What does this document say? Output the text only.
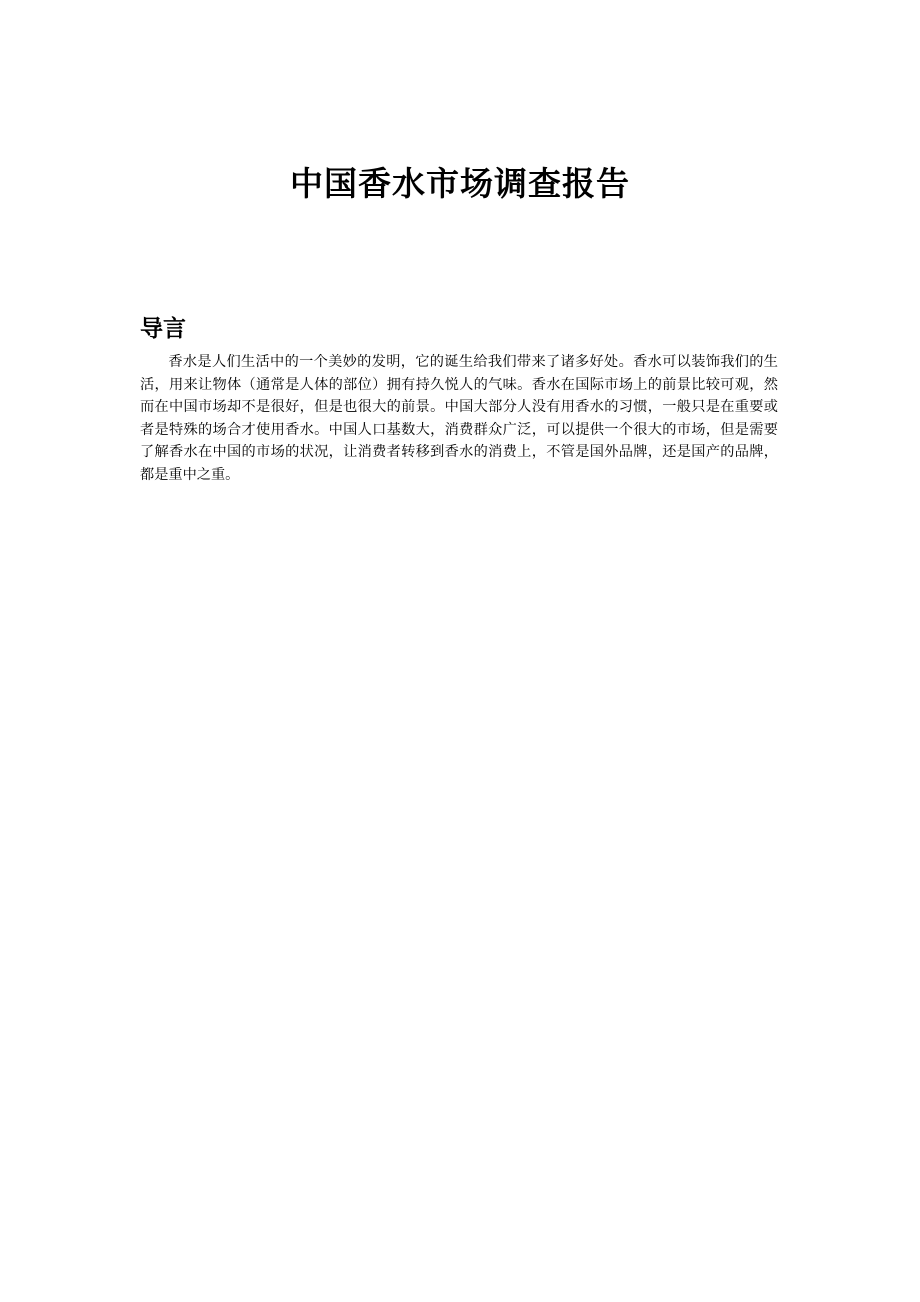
中国香水市场调查报告
导言

香水是人们生活中的一个美妙的发明，它的诞生给我们带来了诸多好处。香水可以装饰我们的生活，用来让物体（通常是人体的部位）拥有持久悦人的气味。香水在国际市场上的前景比较可观，然而在中国市场却不是很好，但是也很大的前景。中国大部分人没有用香水的习惯，一般只是在重要或者是特殊的场合才使用香水。中国人口基数大，消费群众广泛，可以提供一个很大的市场，但是需要了解香水在中国的市场的状况，让消费者转移到香水的消费上，不管是国外品牌，还是国产的品牌，都是重中之重。
